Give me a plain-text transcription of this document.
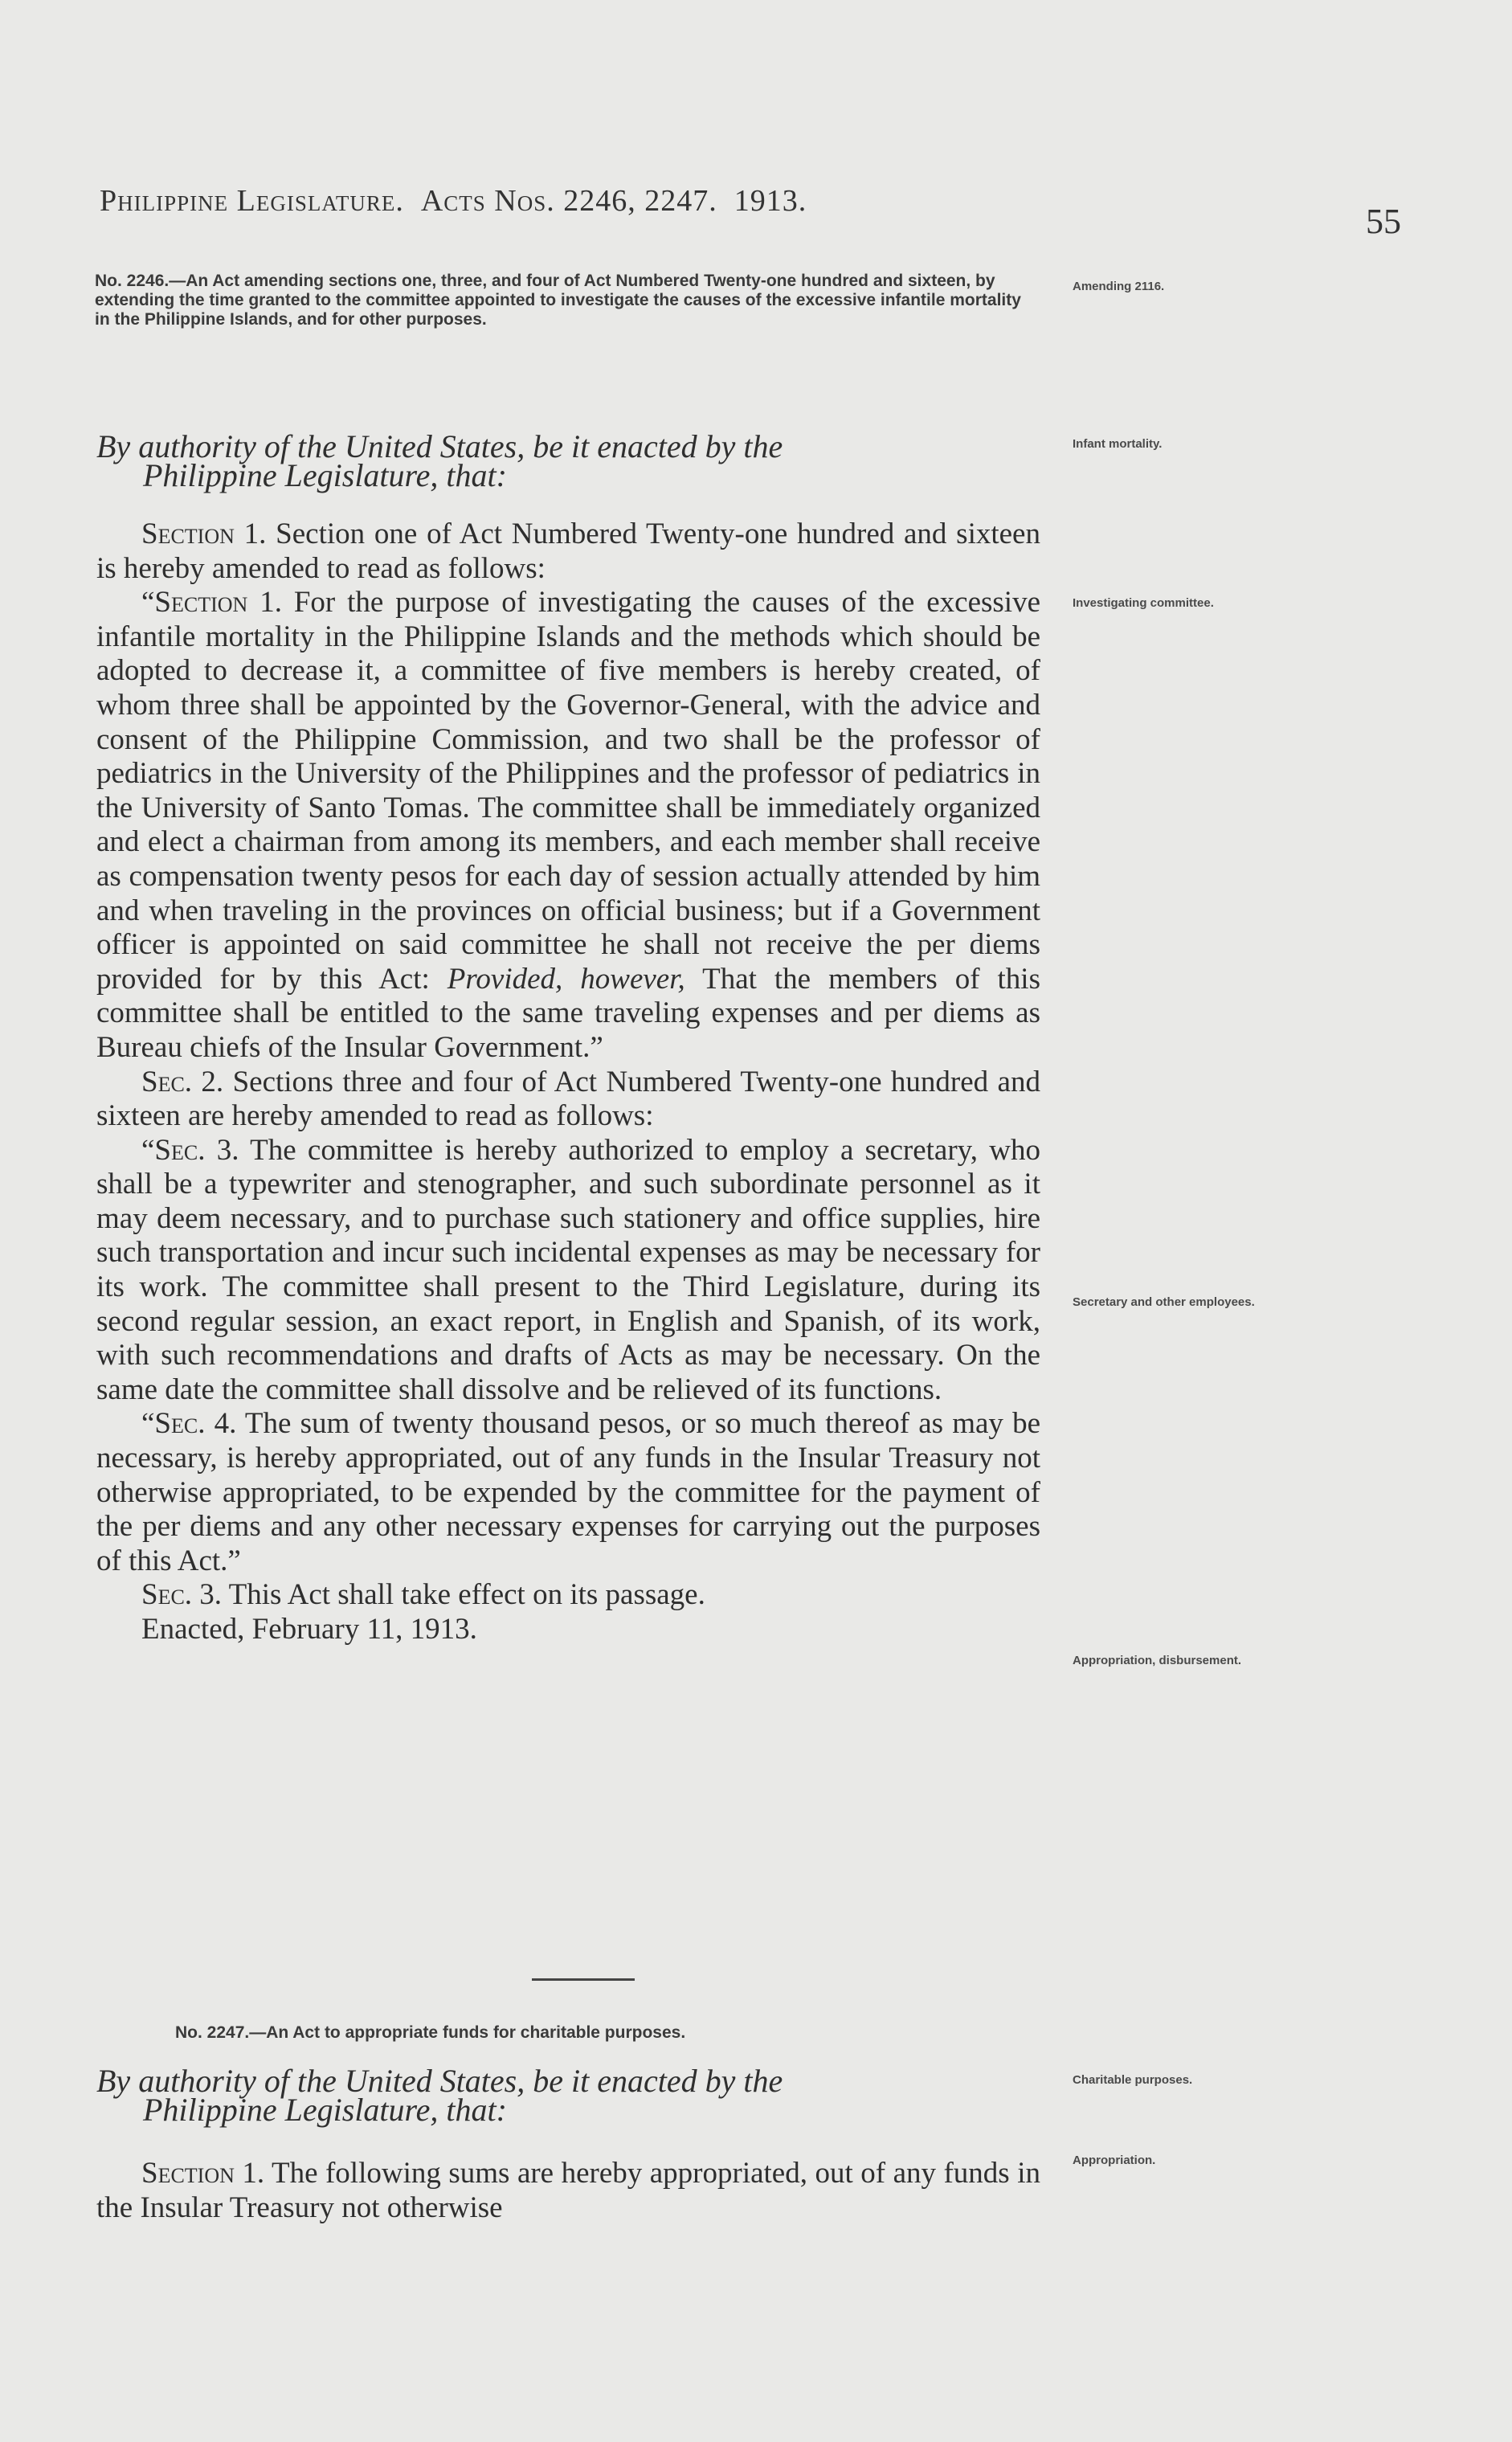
Philippine Legislature. Acts Nos. 2246, 2247. 1913.
55
No. 2246.—An Act amending sections one, three, and four of Act Numbered Twenty-one hundred and sixteen, by extending the time granted to the committee appointed to investigate the causes of the excessive infantile mortality in the Philippine Islands, and for other purposes.
By authority of the United States, be it enacted by the
Philippine Legislature, that:

Section 1. Section one of Act Numbered Twenty-one hundred and sixteen is hereby amended to read as follows:

“Section 1. For the purpose of investigating the causes of the excessive infantile mortality in the Philippine Islands and the methods which should be adopted to decrease it, a committee of five members is hereby created, of whom three shall be appointed by the Governor-General, with the advice and consent of the Philippine Commission, and two shall be the professor of pediatrics in the University of the Philippines and the professor of pediatrics in the University of Santo Tomas. The committee shall be immediately organized and elect a chairman from among its members, and each member shall receive as compensation twenty pesos for each day of session actually attended by him and when traveling in the provinces on official business; but if a Government officer is appointed on said committee he shall not receive the per diems provided for by this Act: Provided, however, That the members of this committee shall be entitled to the same traveling expenses and per diems as Bureau chiefs of the Insular Government.”

Sec. 2. Sections three and four of Act Numbered Twenty-one hundred and sixteen are hereby amended to read as follows:

“Sec. 3. The committee is hereby authorized to employ a secretary, who shall be a typewriter and stenographer, and such subordinate personnel as it may deem necessary, and to purchase such stationery and office supplies, hire such transportation and incur such incidental expenses as may be necessary for its work. The committee shall present to the Third Legislature, during its second regular session, an exact report, in English and Spanish, of its work, with such recommendations and drafts of Acts as may be necessary. On the same date the committee shall dissolve and be relieved of its functions.

“Sec. 4. The sum of twenty thousand pesos, or so much thereof as may be necessary, is hereby appropriated, out of any funds in the Insular Treasury not otherwise appropriated, to be expended by the committee for the payment of the per diems and any other necessary expenses for carrying out the purposes of this Act.”

Sec. 3. This Act shall take effect on its passage.

Enacted, February 11, 1913.

No. 2247.—An Act to appropriate funds for charitable purposes.
By authority of the United States, be it enacted by the
Philippine Legislature, that:

Section 1. The following sums are hereby appropriated, out of any funds in the Insular Treasury not otherwise

Amending 2116.
Infant mortality.
Investigating committee.
Secretary and other employees.
Appropriation, disbursement.
Charitable purposes.
Appropriation.
